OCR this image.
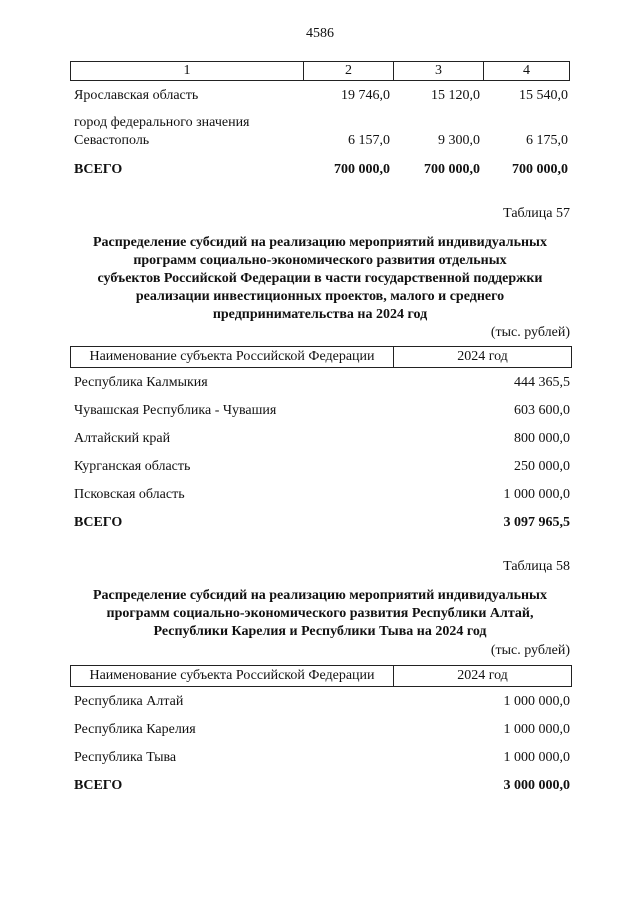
4586
1	2	3	4
Ярославская область	19 746,0	15 120,0	15 540,0
город федерального значения
Севастополь	6 157,0	9 300,0	6 175,0
ВСЕГО	700 000,0	700 000,0	700 000,0
Таблица 57
Распределение субсидий на реализацию мероприятий индивидуальных
программ социально-экономического развития отдельных
субъектов Российской Федерации в части государственной поддержки
реализации инвестиционных проектов, малого и среднего
предпринимательства на 2024 год
(тыс. рублей)
Наименование субъекта Российской Федерации	2024 год
Республика Калмыкия	444 365,5
Чувашская Республика - Чувашия	603 600,0
Алтайский край	800 000,0
Курганская область	250 000,0
Псковская область	1 000 000,0
ВСЕГО	3 097 965,5
Таблица 58
Распределение субсидий на реализацию мероприятий индивидуальных
программ социально-экономического развития Республики Алтай,
Республики Карелия и Республики Тыва на 2024 год
(тыс. рублей)
Наименование субъекта Российской Федерации	2024 год
Республика Алтай	1 000 000,0
Республика Карелия	1 000 000,0
Республика Тыва	1 000 000,0
ВСЕГО	3 000 000,0
